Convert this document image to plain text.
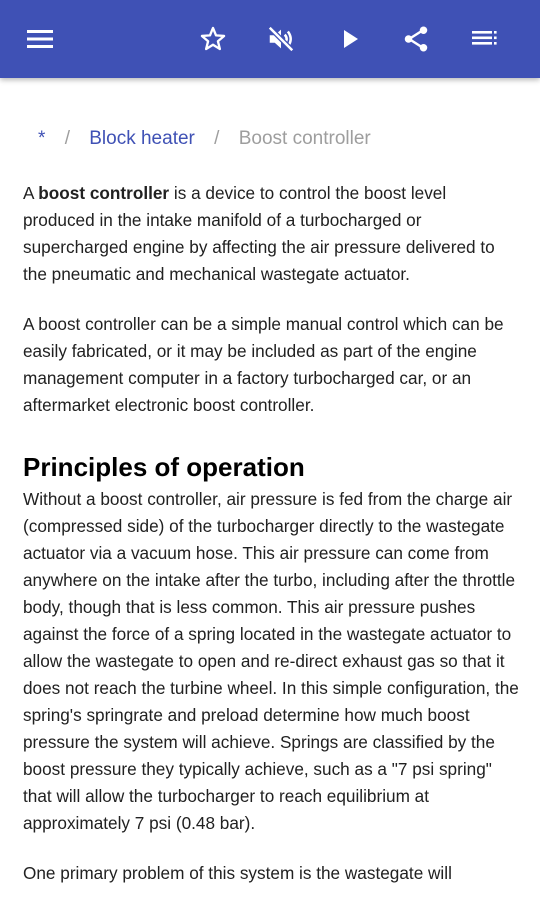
* / Block heater / Boost controller

A boost controller is a device to control the boost level produced in the intake manifold of a turbocharged or supercharged engine by affecting the air pressure delivered to the pneumatic and mechanical wastegate actuator.

A boost controller can be a simple manual control which can be easily fabricated, or it may be included as part of the engine management computer in a factory turbocharged car, or an aftermarket electronic boost controller.

Principles of operation

Without a boost controller, air pressure is fed from the charge air (compressed side) of the turbocharger directly to the wastegate actuator via a vacuum hose. This air pressure can come from anywhere on the intake after the turbo, including after the throttle body, though that is less common. This air pressure pushes against the force of a spring located in the wastegate actuator to allow the wastegate to open and re-direct exhaust gas so that it does not reach the turbine wheel. In this simple configuration, the spring's springrate and preload determine how much boost pressure the system will achieve. Springs are classified by the boost pressure they typically achieve, such as a "7 psi spring" that will allow the turbocharger to reach equilibrium at approximately 7 psi (0.48 bar).

One primary problem of this system is the wastegate will
